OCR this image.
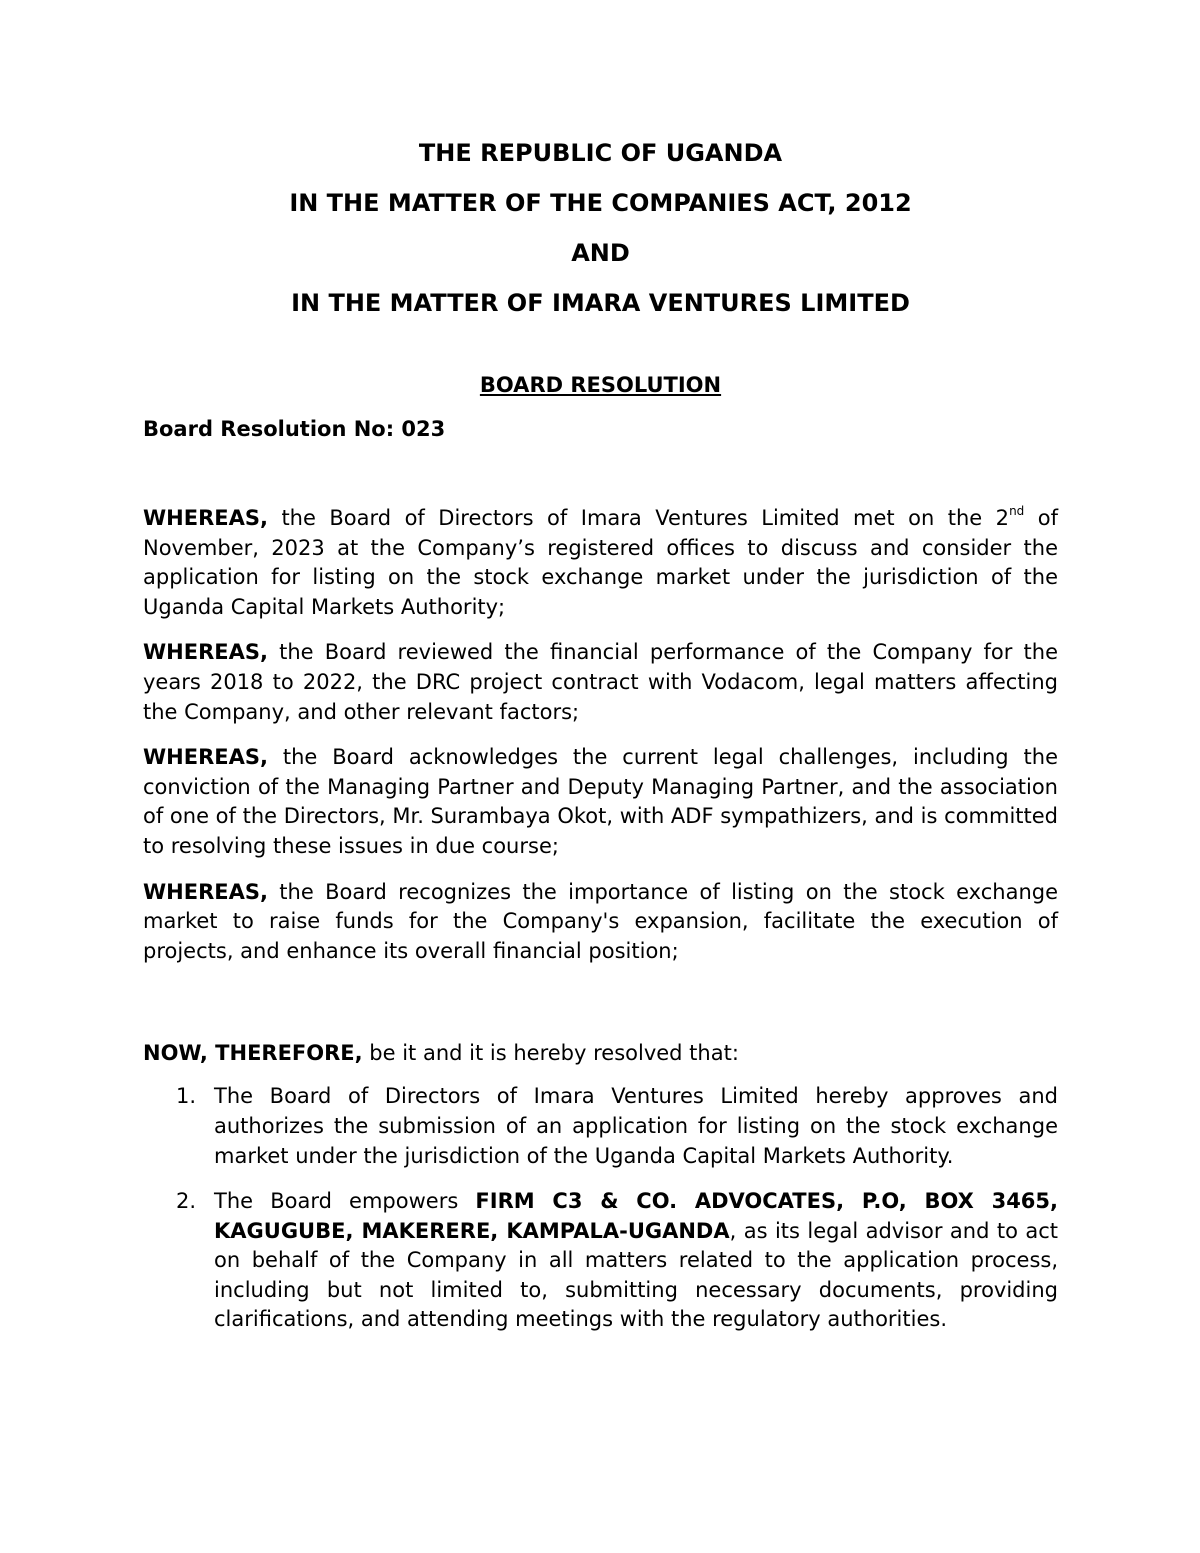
THE REPUBLIC OF UGANDA
IN THE MATTER OF THE COMPANIES ACT, 2012
AND
IN THE MATTER OF IMARA VENTURES LIMITED
BOARD RESOLUTION
Board Resolution No: 023

WHEREAS, the Board of Directors of Imara Ventures Limited met on the 2nd of November, 2023 at the Company’s registered offices to discuss and consider the application for listing on the stock exchange market under the jurisdiction of the Uganda Capital Markets Authority;

WHEREAS, the Board reviewed the financial performance of the Company for the years 2018 to 2022, the DRC project contract with Vodacom, legal matters affecting the Company, and other relevant factors;

WHEREAS, the Board acknowledges the current legal challenges, including the conviction of the Managing Partner and Deputy Managing Partner, and the association of one of the Directors, Mr. Surambaya Okot, with ADF sympathizers, and is committed to resolving these issues in due course;

WHEREAS, the Board recognizes the importance of listing on the stock exchange market to raise funds for the Company's expansion, facilitate the execution of projects, and enhance its overall financial position;

NOW, THEREFORE, be it and it is hereby resolved that:
1. The Board of Directors of Imara Ventures Limited hereby approves and authorizes the submission of an application for listing on the stock exchange market under the jurisdiction of the Uganda Capital Markets Authority.
2. The Board empowers FIRM C3 & CO. ADVOCATES, P.O, BOX 3465, KAGUGUBE, MAKERERE, KAMPALA-UGANDA, as its legal advisor and to act on behalf of the Company in all matters related to the application process, including but not limited to, submitting necessary documents, providing clarifications, and attending meetings with the regulatory authorities.
